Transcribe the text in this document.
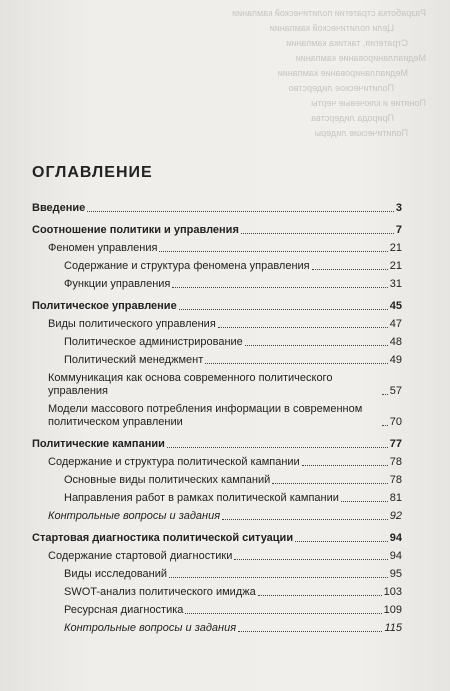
Разработка стратегии политической кампании
Цели политической кампании
Стратегия, тактика кампании
Медиапланирование кампании
Медиапланирование кампании
Политическое лидерство
Понятие и ключевые черты
Природа лидерства
Политические лидеры
ОГЛАВЛЕНИЕ
Введение	3
Соотношение политики и управления	7
Феномен управления	21
Содержание и структура феномена управления	21
Функции управления	31
Политическое управление	45
Виды политического управления	47
Политическое администрирование	48
Политический менеджмент	49
Коммуникация как основа современного политического управления	57
Модели массового потребления информации в современном политическом управлении	70
Политические кампании	77
Содержание и структура политической кампании	78
Основные виды политических кампаний	78
Направления работ в рамках политической кампании	81
Контрольные вопросы и задания	92
Стартовая диагностика политической ситуации	94
Содержание стартовой диагностики	94
Виды исследований	95
SWOT-анализ политического имиджа	103
Ресурсная диагностика	109
Контрольные вопросы и задания	115
